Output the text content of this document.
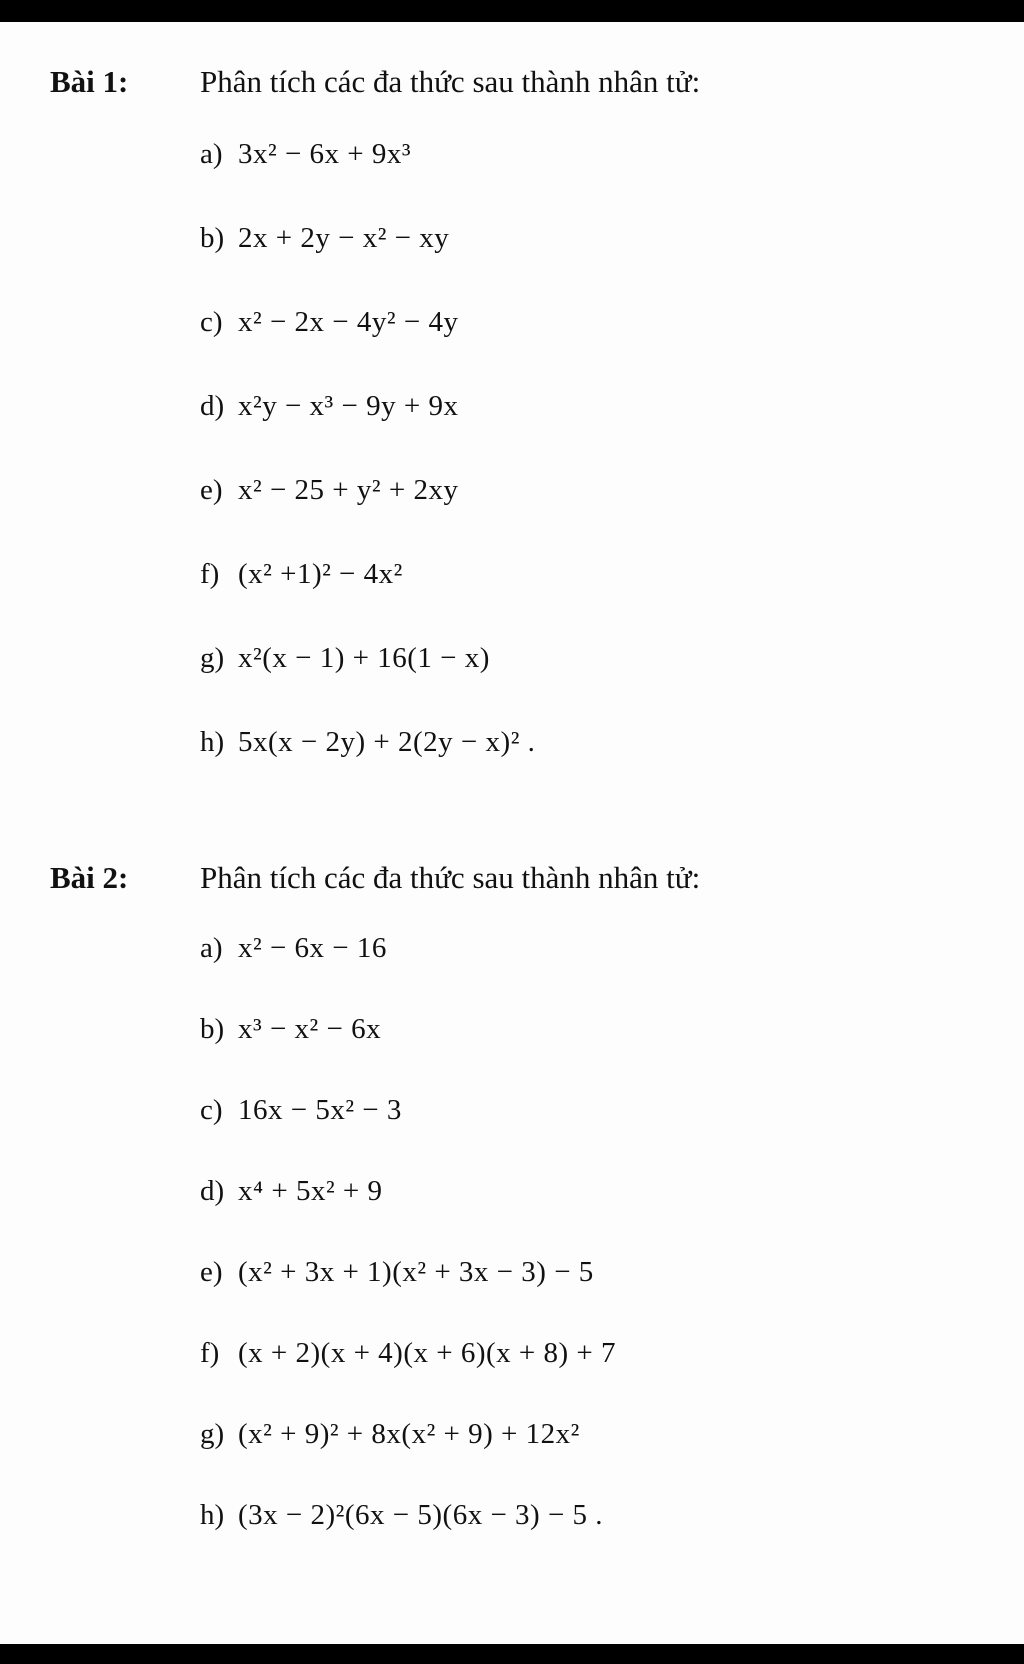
Bài 1:	Phân tích các đa thức sau thành nhân tử:
a) 3x² − 6x + 9x³
b) 2x + 2y − x² − xy
c) x² − 2x − 4y² − 4y
d) x²y − x³ − 9y + 9x
e) x² − 25 + y² + 2xy
f) (x² +1)² − 4x²
g) x²(x − 1) + 16(1 − x)
h) 5x(x − 2y) + 2(2y − x)² .
Bài 2:	Phân tích các đa thức sau thành nhân tử:
a) x² − 6x − 16
b) x³ − x² − 6x
c) 16x − 5x² − 3
d) x⁴ + 5x² + 9
e) (x² + 3x + 1)(x² + 3x − 3) − 5
f) (x + 2)(x + 4)(x + 6)(x + 8) + 7
g) (x² + 9)² + 8x(x² + 9) + 12x²
h) (3x − 2)²(6x − 5)(6x − 3) − 5 .
